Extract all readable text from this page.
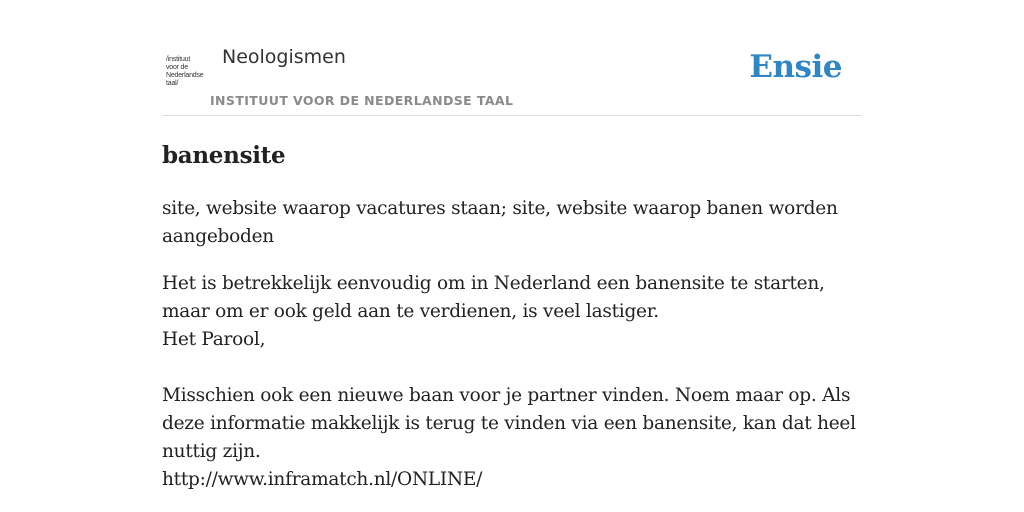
/instituut
voor de
Nederlandse
taal/
Neologismen
INSTITUUT VOOR DE NEDERLANDSE TAAL
Ensie
banensite

site, website waarop vacatures staan; site, website waarop banen worden aangeboden

Het is betrekkelijk eenvoudig om in Nederland een banensite te starten, maar om er ook geld aan te verdienen, is veel lastiger.

Het Parool,

Misschien ook een nieuwe baan voor je partner vinden. Noem maar op. Als deze informatie makkelijk is terug te vinden via een banensite, kan dat heel nuttig zijn.

http://www.inframatch.nl/ONLINE/
